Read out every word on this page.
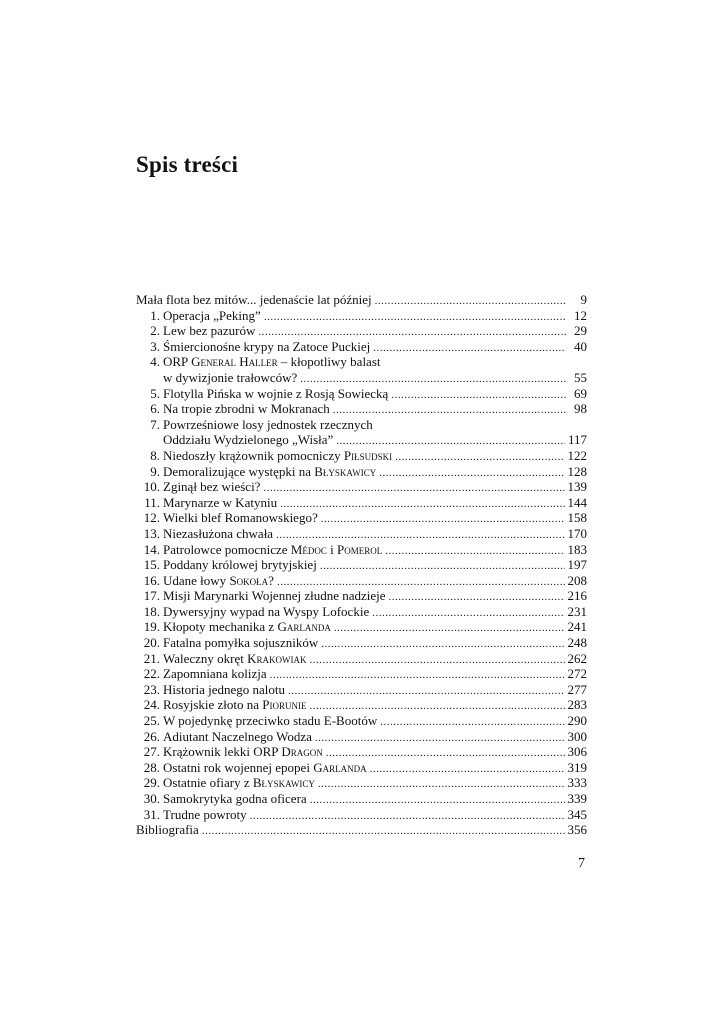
Spis treści
Mała flota bez mitów... jedenaście lat później .....	9
1. Operacja „Peking” .....	12
2. Lew bez pazurów .....	29
3. Śmiercionośne krypy na Zatoce Puckiej .....	40
4. ORP General Haller – kłopotliwy balast
w dywizjonie trałowców? .....	55
5. Flotylla Pińska w wojnie z Rosją Sowiecką .....	69
6. Na tropie zbrodni w Mokranach .....	98
7. Powrześniowe losy jednostek rzecznych
Oddziału Wydzielonego „Wisła” .....	117
8. Niedoszły krążownik pomocniczy Piłsudski .....	122
9. Demoralizujące występki na Błyskawicy .....	128
10. Zginął bez wieści? .....	139
11. Marynarze w Katyniu .....	144
12. Wielki blef Romanowskiego? .....	158
13. Niezasłużona chwała .....	170
14. Patrolowce pomocnicze Médoc i Pomerol .....	183
15. Poddany królowej brytyjskiej .....	197
16. Udane łowy Sokoła? .....	208
17. Misji Marynarki Wojennej złudne nadzieje .....	216
18. Dywersyjny wypad na Wyspy Lofockie .....	231
19. Kłopoty mechanika z Garlanda .....	241
20. Fatalna pomyłka sojuszników .....	248
21. Waleczny okręt Krakowiak .....	262
22. Zapomniana kolizja .....	272
23. Historia jednego nalotu .....	277
24. Rosyjskie złoto na Piorunie .....	283
25. W pojedynkę przeciwko stadu E-Bootów .....	290
26. Adiutant Naczelnego Wodza .....	300
27. Krążownik lekki ORP Dragon .....	306
28. Ostatni rok wojennej epopei Garlanda .....	319
29. Ostatnie ofiary z Błyskawicy .....	333
30. Samokrytyka godna oficera .....	339
31. Trudne powroty .....	345
Bibliografia .....	356
7
